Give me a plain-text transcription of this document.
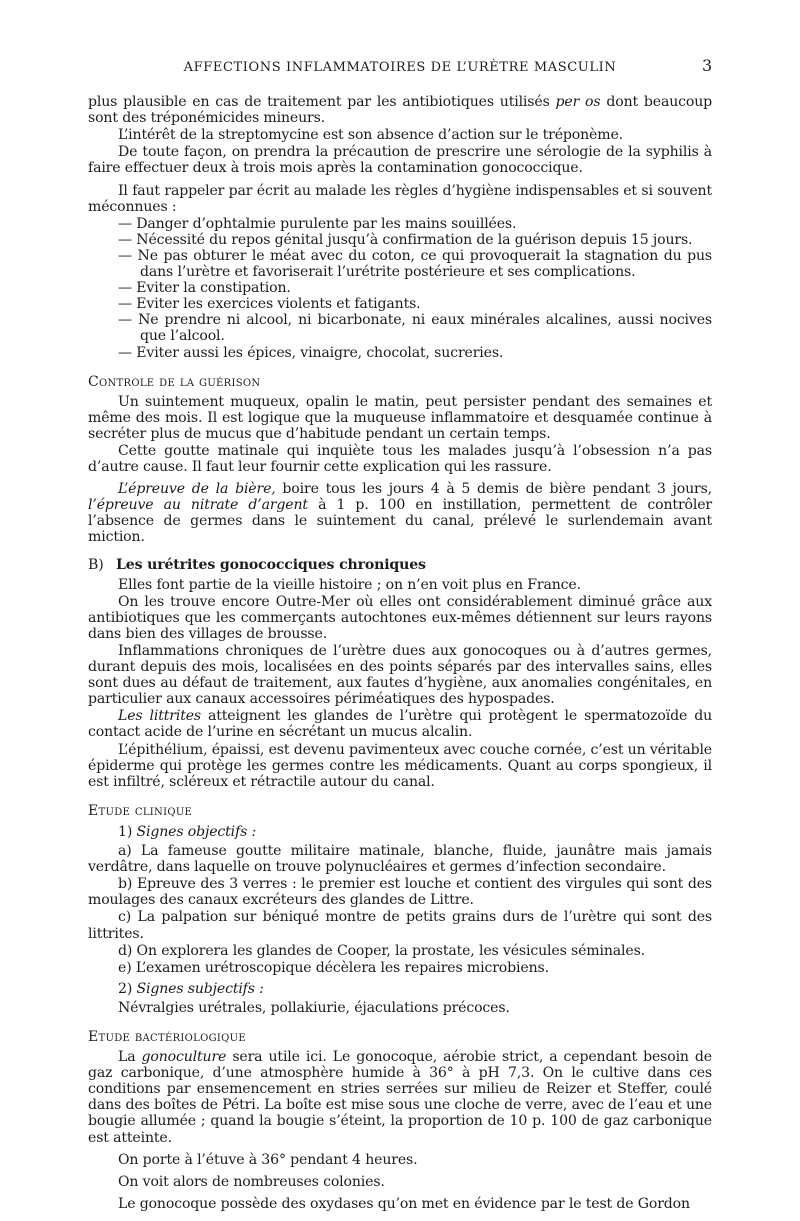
AFFECTIONS INFLAMMATOIRES DE L’URÈTRE MASCULIN	3

plus plausible en cas de traitement par les antibiotiques utilisés per os dont beaucoup sont des tréponémicides mineurs.

L’intérêt de la streptomycine est son absence d’action sur le tréponème.

De toute façon, on prendra la précaution de prescrire une sérologie de la syphilis à faire effectuer deux à trois mois après la contamination gonococcique.

Il faut rappeler par écrit au malade les règles d’hygiène indispensables et si souvent méconnues :

— Danger d’ophtalmie purulente par les mains souillées.
— Nécessité du repos génital jusqu’à confirmation de la guérison depuis 15 jours.
— Ne pas obturer le méat avec du coton, ce qui provoquerait la stagnation du pus dans l’urètre et favoriserait l’urétrite postérieure et ses complications.
— Eviter la constipation.
— Eviter les exercices violents et fatigants.
— Ne prendre ni alcool, ni bicarbonate, ni eaux minérales alcalines, aussi nocives que l’alcool.
— Eviter aussi les épices, vinaigre, chocolat, sucreries.
Controle de la guérison

Un suintement muqueux, opalin le matin, peut persister pendant des semaines et même des mois. Il est logique que la muqueuse inflammatoire et desquamée continue à secréter plus de mucus que d’habitude pendant un certain temps.

Cette goutte matinale qui inquiète tous les malades jusqu’à l’obsession n’a pas d’autre cause. Il faut leur fournir cette explication qui les rassure.

L’épreuve de la bière, boire tous les jours 4 à 5 demis de bière pendant 3 jours, l’épreuve au nitrate d’argent à 1 p. 100 en instillation, permettent de contrôler l’absence de germes dans le suintement du canal, prélevé le surlendemain avant miction.

B) Les urétrites gonococciques chroniques

Elles font partie de la vieille histoire ; on n’en voit plus en France.

On les trouve encore Outre-Mer où elles ont considérablement diminué grâce aux antibiotiques que les commerçants autochtones eux-mêmes détiennent sur leurs rayons dans bien des villages de brousse.

Inflammations chroniques de l’urètre dues aux gonocoques ou à d’autres germes, durant depuis des mois, localisées en des points séparés par des intervalles sains, elles sont dues au défaut de traitement, aux fautes d’hygiène, aux anomalies congénitales, en particulier aux canaux accessoires périméatiques des hypospades.

Les littrites atteignent les glandes de l’urètre qui protègent le spermatozoïde du contact acide de l’urine en sécrétant un mucus alcalin.

L’épithélium, épaissi, est devenu pavimenteux avec couche cornée, c’est un véritable épiderme qui protège les germes contre les médicaments. Quant au corps spongieux, il est infiltré, scléreux et rétractile autour du canal.

Etude clinique
1) Signes objectifs :

a) La fameuse goutte militaire matinale, blanche, fluide, jaunâtre mais jamais verdâtre, dans laquelle on trouve polynucléaires et germes d’infection secondaire.

b) Epreuve des 3 verres : le premier est louche et contient des virgules qui sont des moulages des canaux excréteurs des glandes de Littre.

c) La palpation sur béniqué montre de petits grains durs de l’urètre qui sont des littrites.

d) On explorera les glandes de Cooper, la prostate, les vésicules séminales.

e) L’examen urétroscopique décèlera les repaires microbiens.

2) Signes subjectifs :

Névralgies urétrales, pollakiurie, éjaculations précoces.

Etude bactériologique

La gonoculture sera utile ici. Le gonocoque, aérobie strict, a cependant besoin de gaz carbonique, d’une atmosphère humide à 36° à pH 7,3. On le cultive dans ces conditions par ensemencement en stries serrées sur milieu de Reizer et Steffer, coulé dans des boîtes de Pétri. La boîte est mise sous une cloche de verre, avec de l’eau et une bougie allumée ; quand la bougie s’éteint, la proportion de 10 p. 100 de gaz carbonique est atteinte.

On porte à l’étuve à 36° pendant 4 heures.

On voit alors de nombreuses colonies.

Le gonocoque possède des oxydases qu’on met en évidence par le test de Gordon
